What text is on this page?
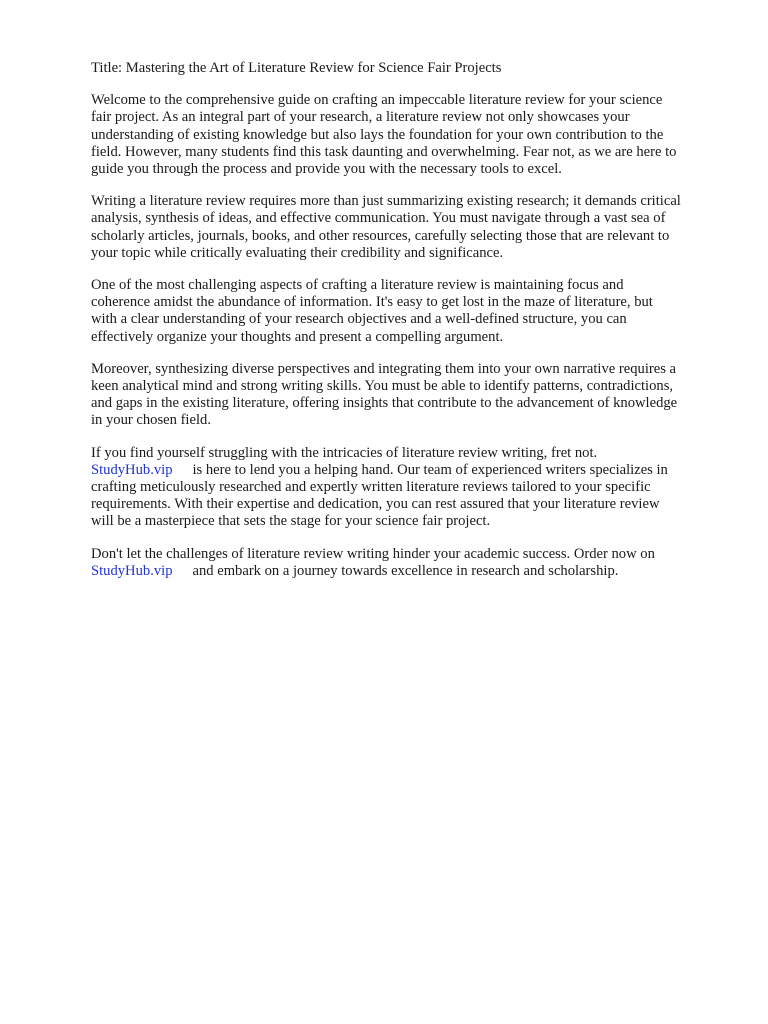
Title: Mastering the Art of Literature Review for Science Fair Projects

Welcome to the comprehensive guide on crafting an impeccable literature review for your science
fair project. As an integral part of your research, a literature review not only showcases your
understanding of existing knowledge but also lays the foundation for your own contribution to the
field. However, many students find this task daunting and overwhelming. Fear not, as we are here to
guide you through the process and provide you with the necessary tools to excel.
Writing a literature review requires more than just summarizing existing research; it demands critical
analysis, synthesis of ideas, and effective communication. You must navigate through a vast sea of
scholarly articles, journals, books, and other resources, carefully selecting those that are relevant to
your topic while critically evaluating their credibility and significance.
One of the most challenging aspects of crafting a literature review is maintaining focus and
coherence amidst the abundance of information. It's easy to get lost in the maze of literature, but
with a clear understanding of your research objectives and a well-defined structure, you can
effectively organize your thoughts and present a compelling argument.
Moreover, synthesizing diverse perspectives and integrating them into your own narrative requires a
keen analytical mind and strong writing skills. You must be able to identify patterns, contradictions,
and gaps in the existing literature, offering insights that contribute to the advancement of knowledge
in your chosen field.
If you find yourself struggling with the intricacies of literature review writing, fret not.
StudyHub.vip is here to lend you a helping hand. Our team of experienced writers specializes in
crafting meticulously researched and expertly written literature reviews tailored to your specific
requirements. With their expertise and dedication, you can rest assured that your literature review
will be a masterpiece that sets the stage for your science fair project.
Don't let the challenges of literature review writing hinder your academic success. Order now on
StudyHub.vip and embark on a journey towards excellence in research and scholarship.
